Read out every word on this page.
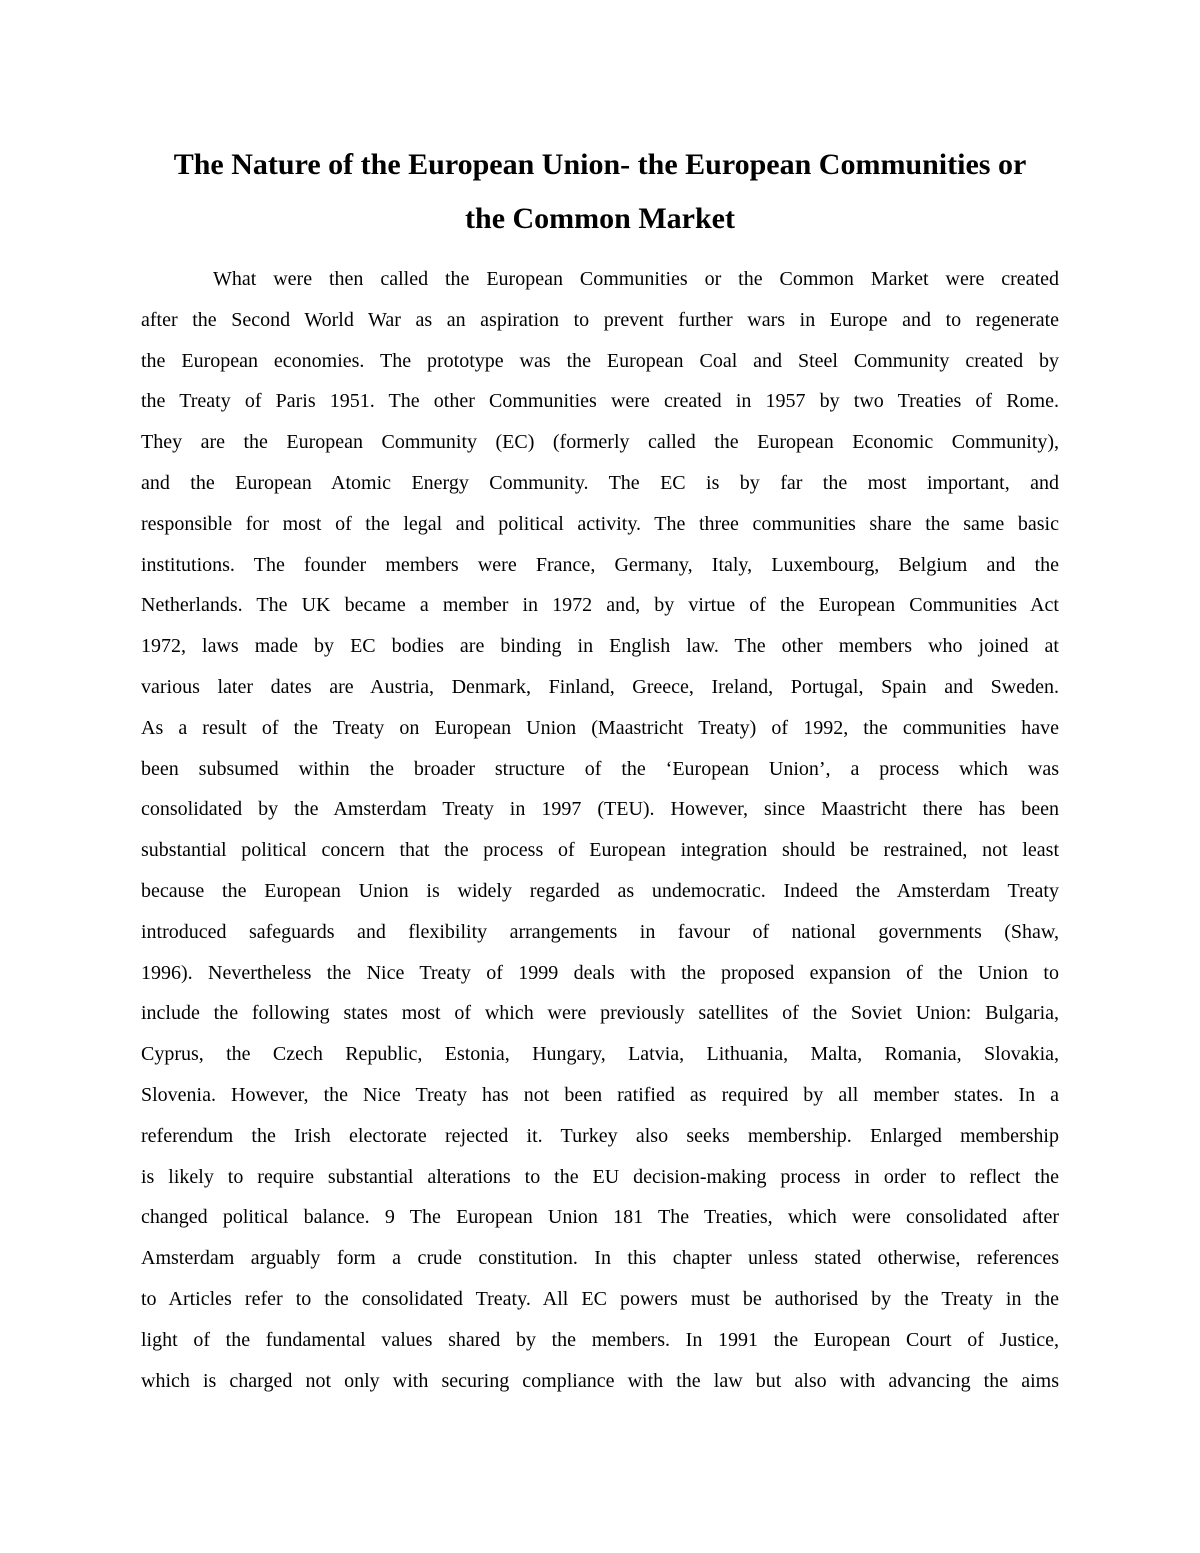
The Nature of the European Union- the European Communities or
the Common Market
What were then called the European Communities or the Common Market were created
after the Second World War as an aspiration to prevent further wars in Europe and to regenerate
the European economies. The prototype was the European Coal and Steel Community created by
the Treaty of Paris 1951. The other Communities were created in 1957 by two Treaties of Rome.
They are the European Community (EC) (formerly called the European Economic Community),
and the European Atomic Energy Community. The EC is by far the most important, and
responsible for most of the legal and political activity. The three communities share the same basic
institutions. The founder members were France, Germany, Italy, Luxembourg, Belgium and the
Netherlands. The UK became a member in 1972 and, by virtue of the European Communities Act
1972, laws made by EC bodies are binding in English law. The other members who joined at
various later dates are Austria, Denmark, Finland, Greece, Ireland, Portugal, Spain and Sweden.
As a result of the Treaty on European Union (Maastricht Treaty) of 1992, the communities have
been subsumed within the broader structure of the ‘European Union’, a process which was
consolidated by the Amsterdam Treaty in 1997 (TEU). However, since Maastricht there has been
substantial political concern that the process of European integration should be restrained, not least
because the European Union is widely regarded as undemocratic. Indeed the Amsterdam Treaty
introduced safeguards and flexibility arrangements in favour of national governments (Shaw,
1996). Nevertheless the Nice Treaty of 1999 deals with the proposed expansion of the Union to
include the following states most of which were previously satellites of the Soviet Union: Bulgaria,
Cyprus, the Czech Republic, Estonia, Hungary, Latvia, Lithuania, Malta, Romania, Slovakia,
Slovenia. However, the Nice Treaty has not been ratified as required by all member states. In a
referendum the Irish electorate rejected it. Turkey also seeks membership. Enlarged membership
is likely to require substantial alterations to the EU decision-making process in order to reflect the
changed political balance. 9 The European Union 181 The Treaties, which were consolidated after
Amsterdam arguably form a crude constitution. In this chapter unless stated otherwise, references
to Articles refer to the consolidated Treaty. All EC powers must be authorised by the Treaty in the
light of the fundamental values shared by the members. In 1991 the European Court of Justice,
which is charged not only with securing compliance with the law but also with advancing the aims
